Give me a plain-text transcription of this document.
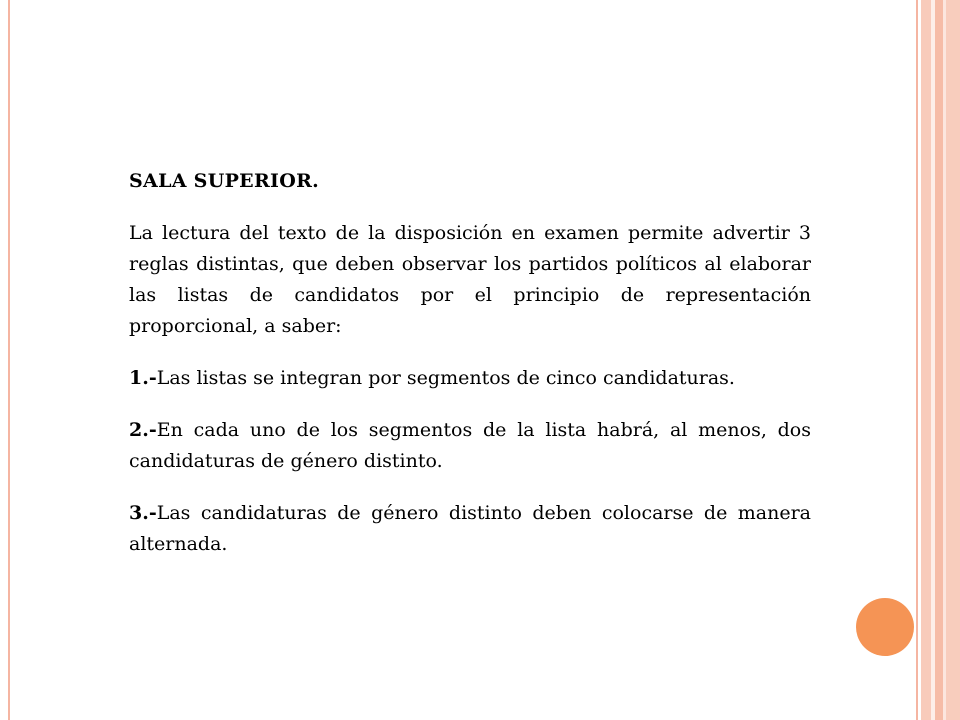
SALA SUPERIOR.

La lectura del texto de la disposición en examen permite advertir 3 reglas distintas, que deben observar los partidos políticos al elaborar las listas de candidatos por el principio de representación proporcional, a saber:

1.-Las listas se integran por segmentos de cinco candidaturas.

2.-En cada uno de los segmentos de la lista habrá, al menos, dos candidaturas de género distinto.

3.-Las candidaturas de género distinto deben colocarse de manera alternada.
